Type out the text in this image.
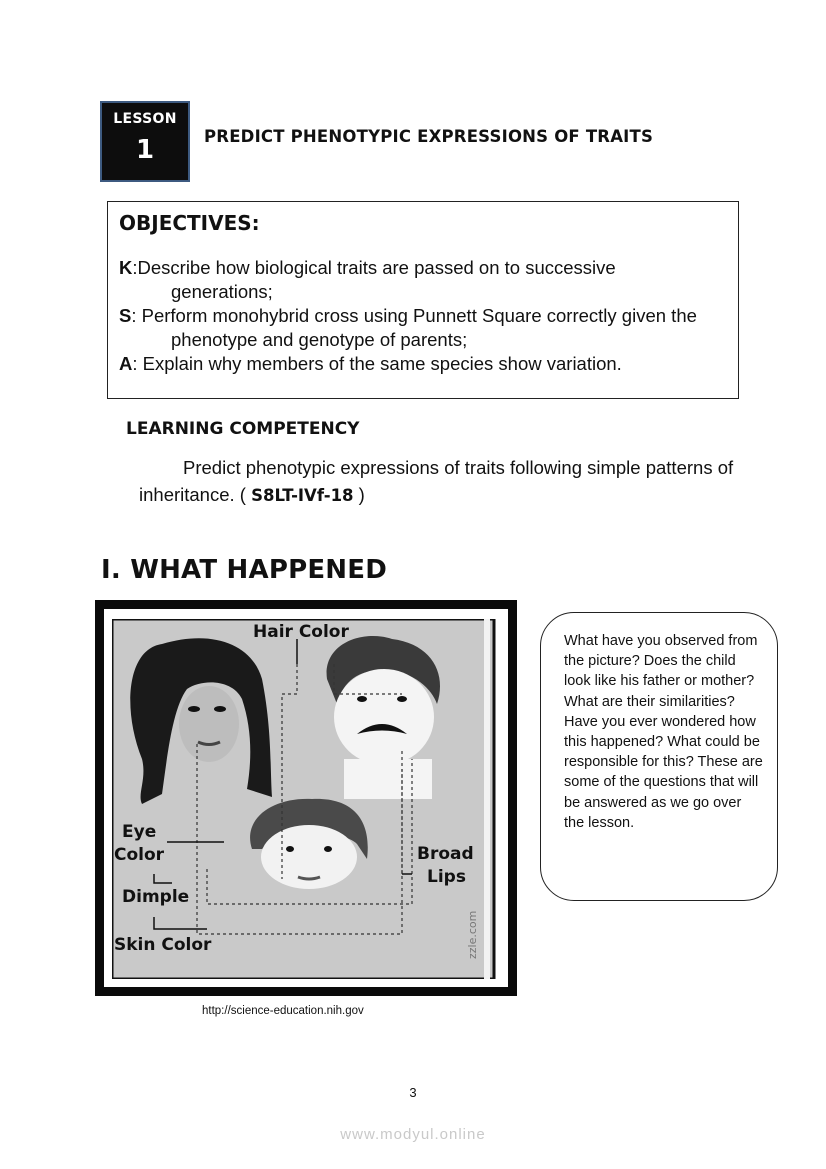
LESSON
1	PREDICT PHENOTYPIC EXPRESSIONS OF TRAITS
OBJECTIVES:
K:Describe how biological traits are passed on to successive generations;
S: Perform monohybrid cross using Punnett Square correctly given the phenotype and genotype of parents;
A: Explain why members of the same species show variation.
LEARNING COMPETENCY
Predict phenotypic expressions of traits following simple patterns of inheritance. ( S8LT-IVf-18 )
I. WHAT HAPPENED
Hair Color
Eye
Color
Dimple
Skin Color
Broad
Lips
zzle.com
http://science-education.nih.gov
What have you observed from the picture? Does the child look like his father or mother? What are their similarities? Have you ever wondered how this happened? What could be responsible for this? These are some of the questions that will be answered as we go over the lesson.
3
www.modyul.online
